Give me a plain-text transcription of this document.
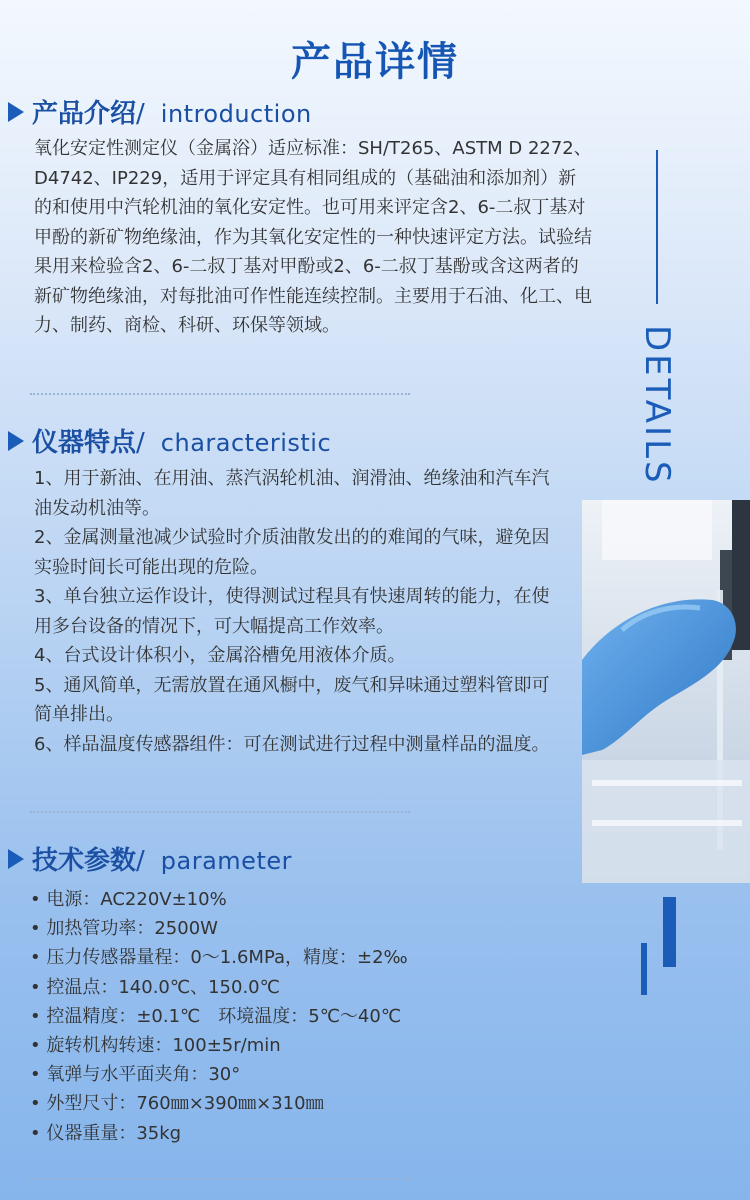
产品详情
产品介绍 / introduction

氧化安定性测定仪（金属浴）适应标准：SH/T265、ASTM D 2272、D4742、IP229，适用于评定具有相同组成的（基础油和添加剂）新的和使用中汽轮机油的氧化安定性。也可用来评定含2、6-二叔丁基对甲酚的新矿物绝缘油，作为其氧化安定性的一种快速评定方法。试验结果用来检验含2、6-二叔丁基对甲酚或2、6-二叔丁基酚或含这两者的新矿物绝缘油，对每批油可作性能连续控制。主要用于石油、化工、电力、制药、商检、科研、环保等领域。

仪器特点 / characteristic

1、用于新油、在用油、蒸汽涡轮机油、润滑油、绝缘油和汽车汽油发动机油等。

2、金属测量池减少试验时介质油散发出的的难闻的气味，避免因实验时间长可能出现的危险。

3、单台独立运作设计，使得测试过程具有快速周转的能力，在使用多台设备的情况下，可大幅提高工作效率。

4、台式设计体积小，金属浴槽免用液体介质。

5、通风简单，无需放置在通风橱中，废气和异味通过塑料管即可简单排出。

6、样品温度传感器组件：可在测试进行过程中测量样品的温度。

技术参数 / parameter
• 电源：AC220V±10%
• 加热管功率：2500W
• 压力传感器量程：0～1.6MPa，精度：±2‰
• 控温点：140.0℃、150.0℃
• 控温精度：±0.1℃　环境温度：5℃～40℃
• 旋转机构转速：100±5r/min
• 氧弹与水平面夹角：30°
• 外型尺寸：760㎜×390㎜×310㎜
• 仪器重量：35kg
DETAILS
